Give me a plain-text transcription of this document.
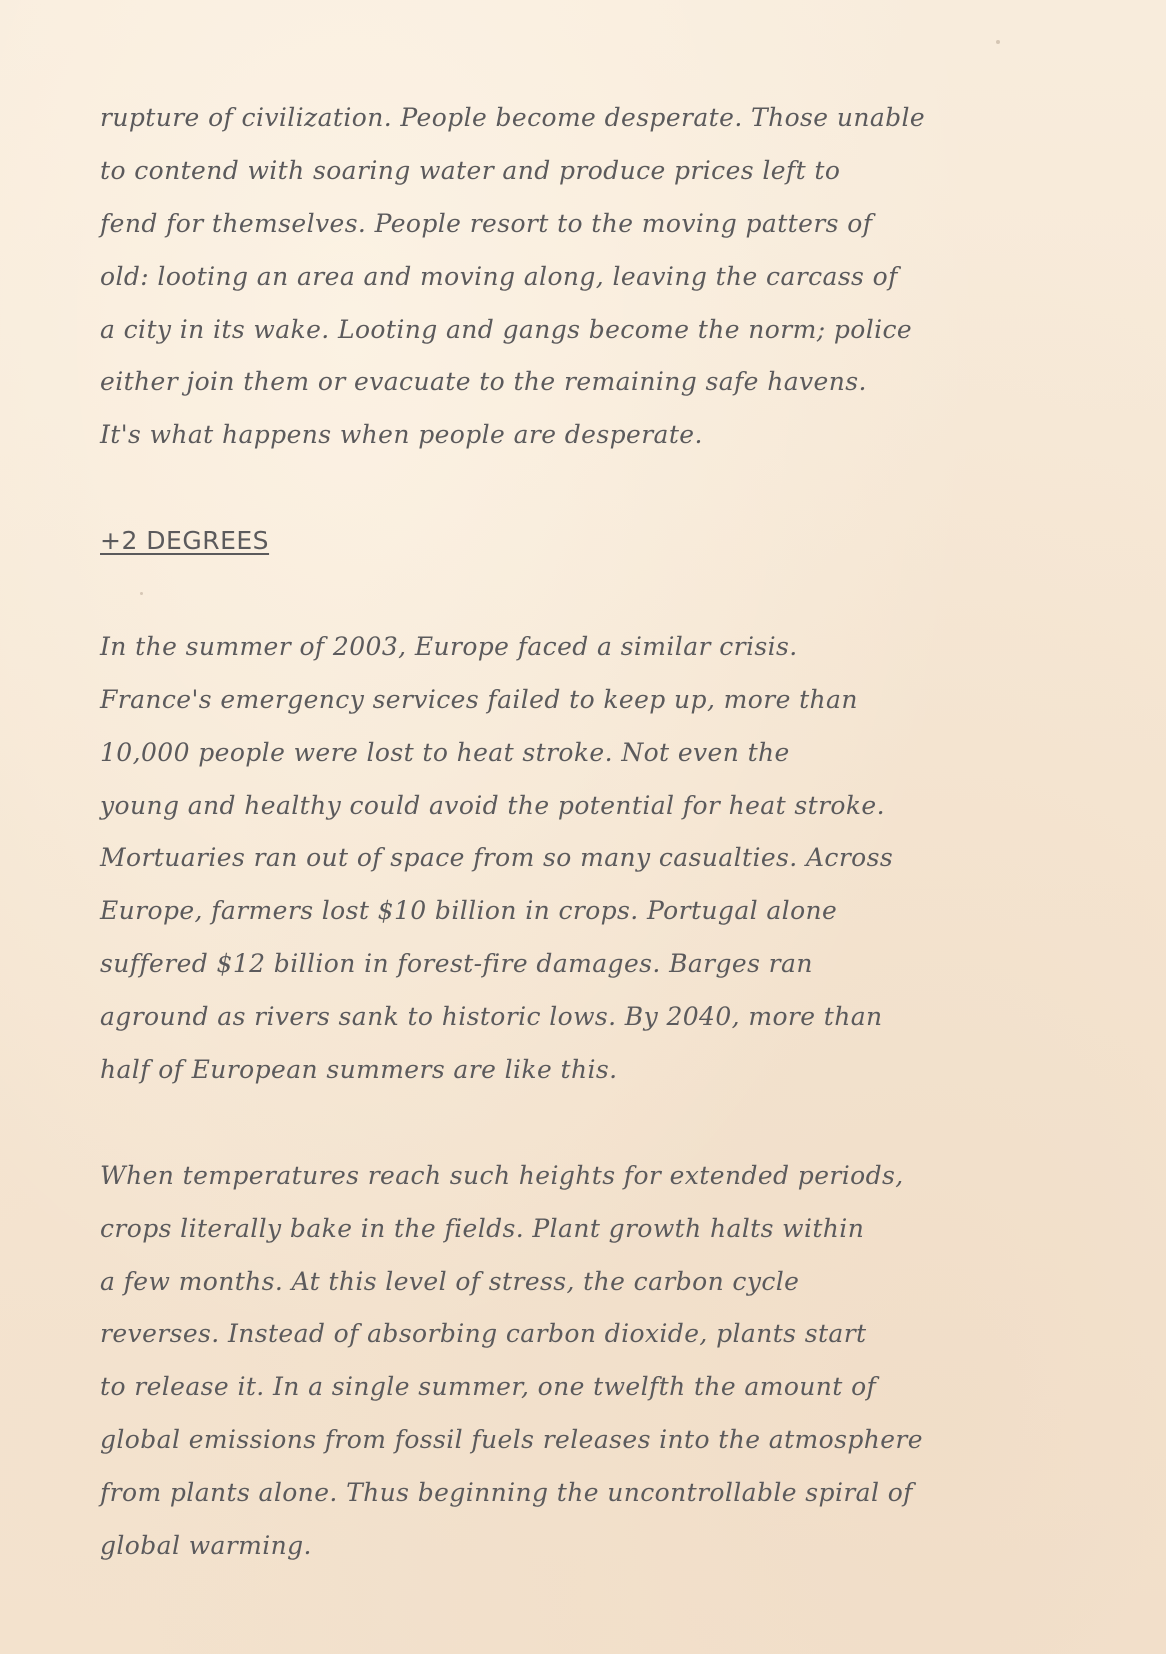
rupture of civilization. People become desperate. Those unable
to contend with soaring water and produce prices left to
fend for themselves. People resort to the moving patters of
old: looting an area and moving along, leaving the carcass of
a city in its wake. Looting and gangs become the norm; police
either join them or evacuate to the remaining safe havens.
It's what happens when people are desperate.
+2 DEGREES
In the summer of 2003, Europe faced a similar crisis.
France's emergency services failed to keep up, more than
10,000 people were lost to heat stroke. Not even the
young and healthy could avoid the potential for heat stroke.
Mortuaries ran out of space from so many casualties. Across
Europe, farmers lost $10 billion in crops. Portugal alone
suffered $12 billion in forest-fire damages. Barges ran
aground as rivers sank to historic lows. By 2040, more than
half of European summers are like this.
When temperatures reach such heights for extended periods,
crops literally bake in the fields. Plant growth halts within
a few months. At this level of stress, the carbon cycle
reverses. Instead of absorbing carbon dioxide, plants start
to release it. In a single summer, one twelfth the amount of
global emissions from fossil fuels releases into the atmosphere
from plants alone. Thus beginning the uncontrollable spiral of
global warming.
